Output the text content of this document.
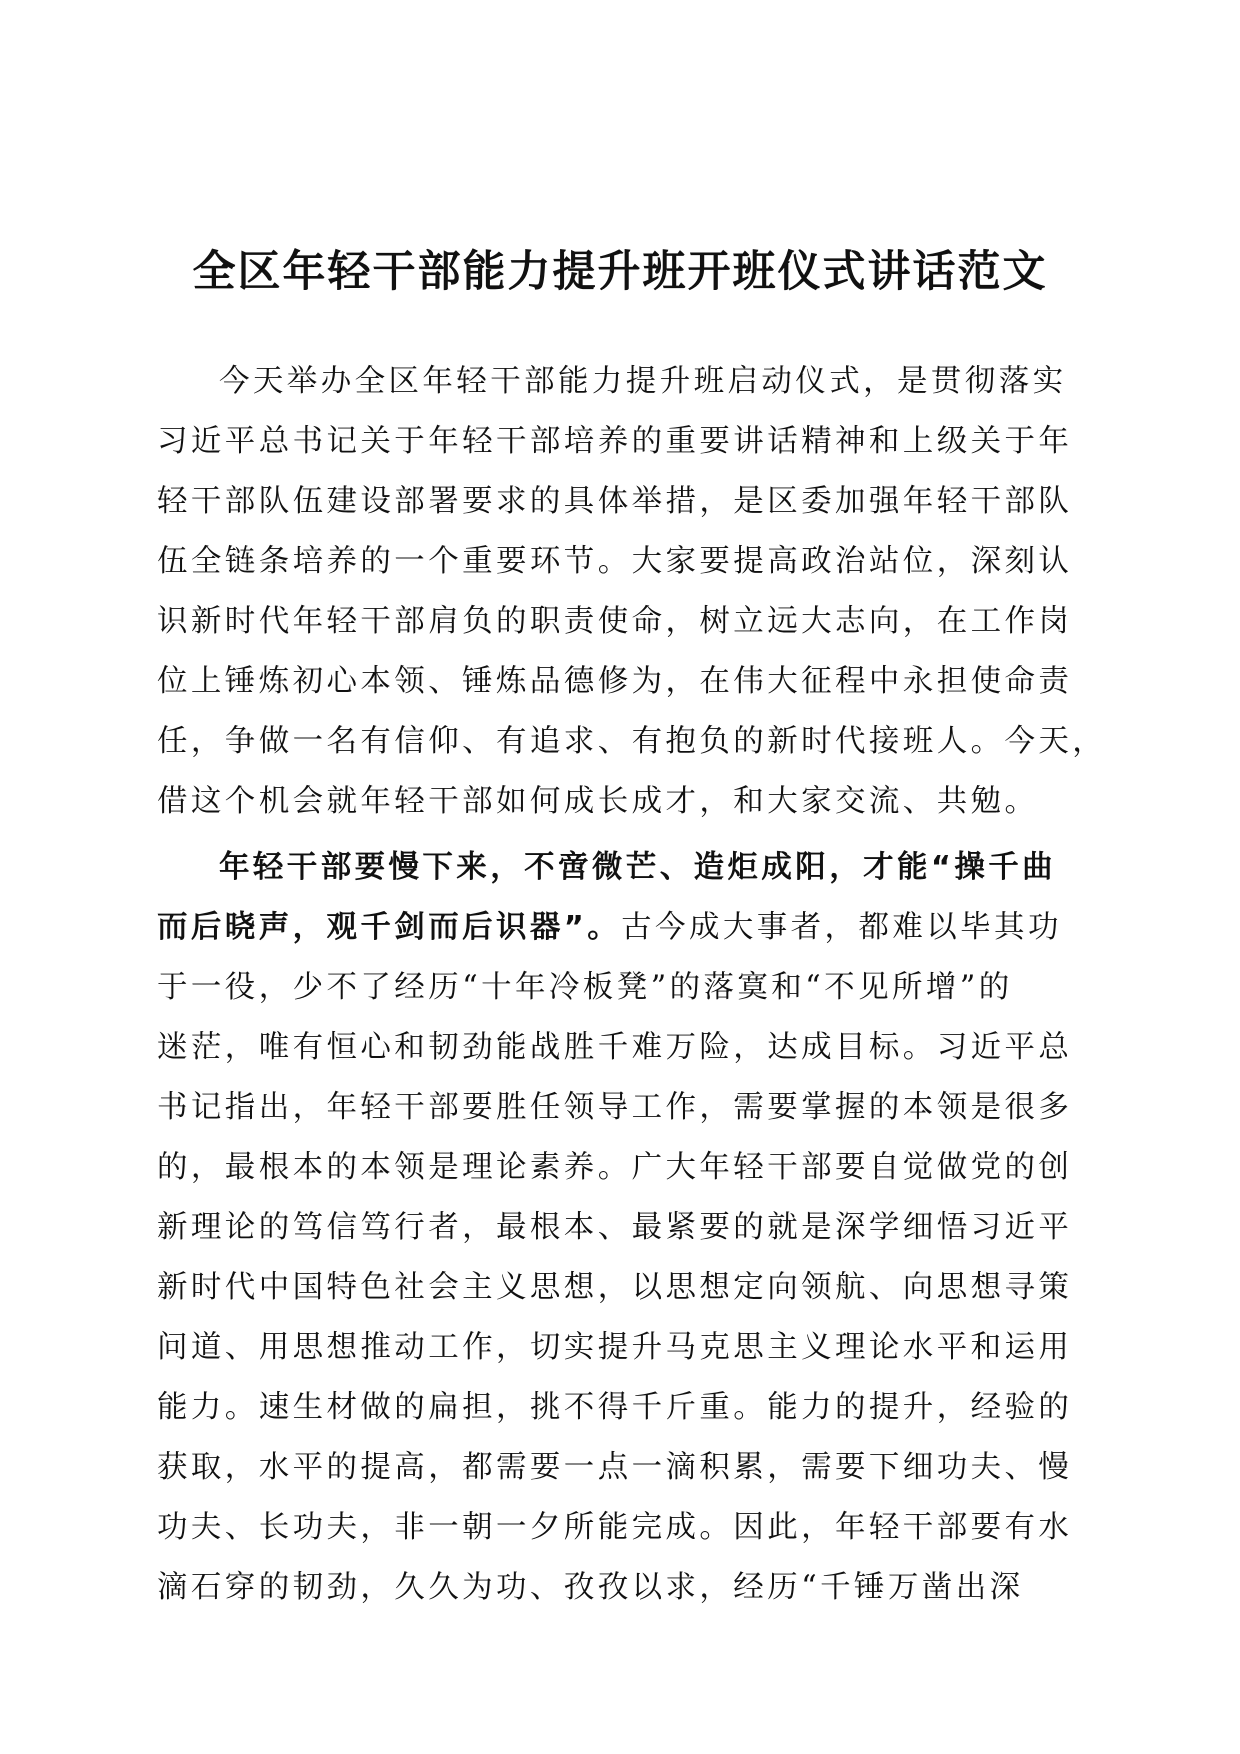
全区年轻干部能力提升班开班仪式讲话范文
今天举办全区年轻干部能力提升班启动仪式，是贯彻落实
习近平总书记关于年轻干部培养的重要讲话精神和上级关于年
轻干部队伍建设部署要求的具体举措，是区委加强年轻干部队
伍全链条培养的一个重要环节。大家要提高政治站位，深刻认
识新时代年轻干部肩负的职责使命，树立远大志向，在工作岗
位上锤炼初心本领、锤炼品德修为，在伟大征程中永担使命责
任，争做一名有信仰、有追求、有抱负的新时代接班人。今天，
借这个机会就年轻干部如何成长成才，和大家交流、共勉。
年轻干部要慢下来，不啻微芒、造炬成阳，才能“操千曲
而后晓声，观千剑而后识器”。古今成大事者，都难以毕其功
于一役，少不了经历“十年冷板凳”的落寞和“不见所增”的
迷茫，唯有恒心和韧劲能战胜千难万险，达成目标。习近平总
书记指出，年轻干部要胜任领导工作，需要掌握的本领是很多
的，最根本的本领是理论素养。广大年轻干部要自觉做党的创
新理论的笃信笃行者，最根本、最紧要的就是深学细悟习近平
新时代中国特色社会主义思想，以思想定向领航、向思想寻策
问道、用思想推动工作，切实提升马克思主义理论水平和运用
能力。速生材做的扁担，挑不得千斤重。能力的提升，经验的
获取，水平的提高，都需要一点一滴积累，需要下细功夫、慢
功夫、长功夫，非一朝一夕所能完成。因此，年轻干部要有水
滴石穿的韧劲，久久为功、孜孜以求，经历“千锤万凿出深
